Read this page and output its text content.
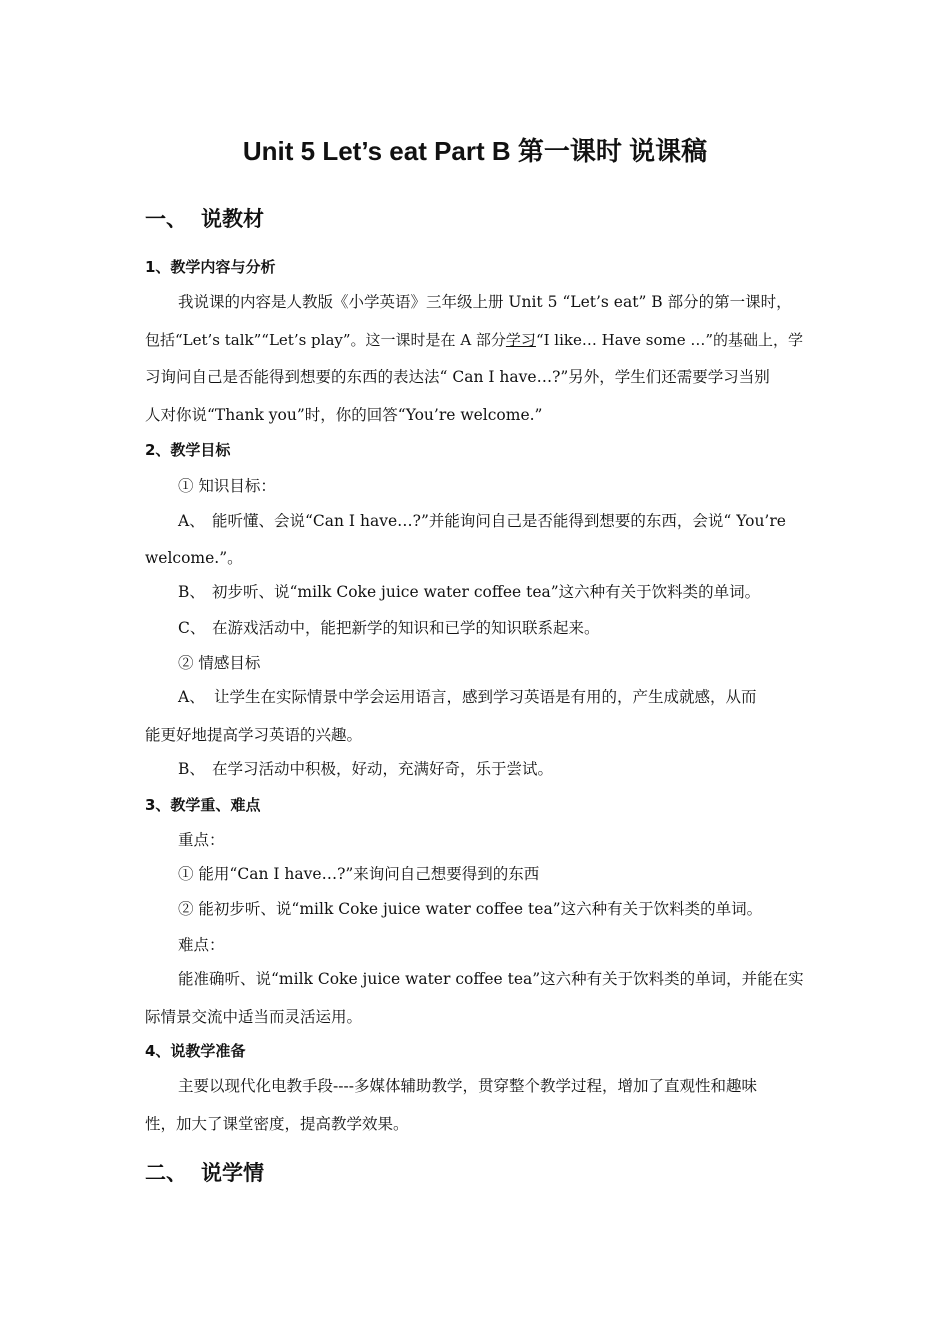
Unit 5 Let’s eat Part B 第一课时 说课稿
一、 说教材
1、教学内容与分析
我说课的内容是人教版《小学英语》三年级上册 Unit 5 “Let’s eat” B 部分的第一课时，
包括“Let’s talk”“Let’s play”。这一课时是在 A 部分学习“I like… Have some …”的基础上，学
习询问自己是否能得到想要的东西的表达法“ Can I have…?”另外，学生们还需要学习当别
人对你说“Thank you”时，你的回答“You’re welcome.”
2、教学目标
① 知识目标：
A、 能听懂、会说“Can I have…?”并能询问自己是否能得到想要的东西，会说“ You’re
welcome.”。
B、 初步听、说“milk Coke juice water coffee tea”这六种有关于饮料类的单词。
C、 在游戏活动中，能把新学的知识和已学的知识联系起来。
② 情感目标
A、 让学生在实际情景中学会运用语言，感到学习英语是有用的，产生成就感，从而
能更好地提高学习英语的兴趣。
B、 在学习活动中积极，好动，充满好奇，乐于尝试。
3、教学重、难点
重点：
① 能用“Can I have…?”来询问自己想要得到的东西
② 能初步听、说“milk Coke juice water coffee tea”这六种有关于饮料类的单词。
难点：
能准确听、说“milk Coke juice water coffee tea”这六种有关于饮料类的单词，并能在实
际情景交流中适当而灵活运用。
4、说教学准备
主要以现代化电教手段----多媒体辅助教学，贯穿整个教学过程，增加了直观性和趣味
性，加大了课堂密度，提高教学效果。
二、 说学情
